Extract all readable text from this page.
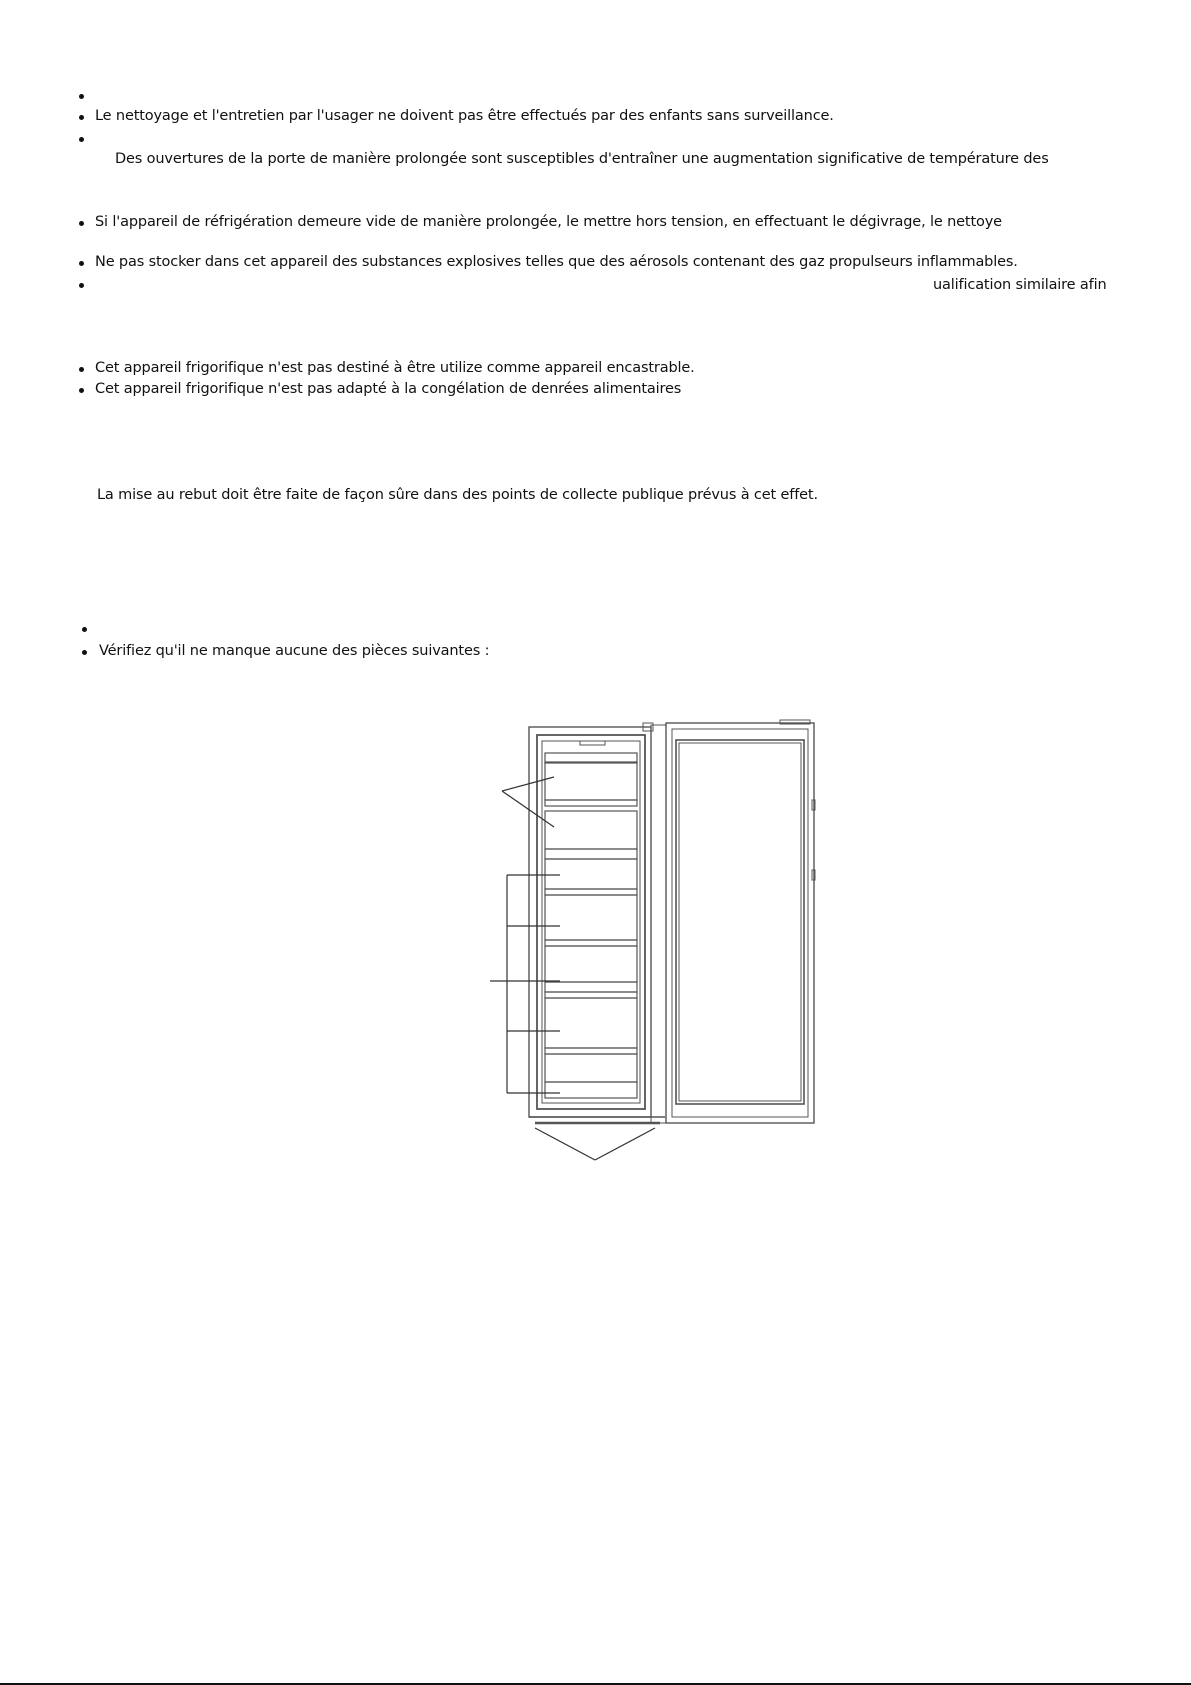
Le nettoyage et l'entretien par l'usager ne doivent pas être effectués par des enfants sans surveillance.
Des ouvertures de la porte de manière prolongée sont susceptibles d'entraîner une augmentation significative de température des
Si l'appareil de réfrigération demeure vide de manière prolongée, le mettre hors tension, en effectuant le dégivrage, le nettoye
Ne pas stocker dans cet appareil des substances explosives telles que des aérosols contenant des gaz propulseurs inflammables.
ualification similaire afin
Cet appareil frigorifique n'est pas destiné à être utilize comme appareil encastrable.
Cet appareil frigorifique n'est pas adapté à la congélation de denrées alimentaires
La mise au rebut doit être faite de façon sûre dans des points de collecte publique prévus à cet effet.
Vérifiez qu'il ne manque aucune des pièces suivantes :
